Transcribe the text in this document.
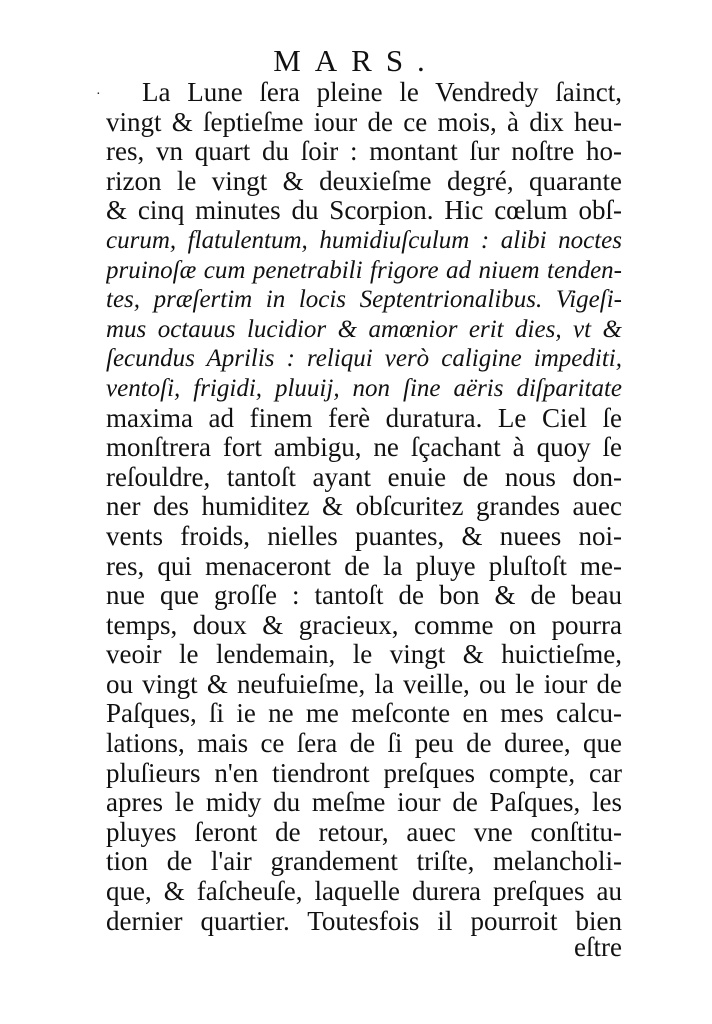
·
MARS.
La Lune ſera pleine le Vendredy ſainct,
vingt & ſeptieſme iour de ce mois, à dix heu-
res, vn quart du ſoir : montant ſur noſtre ho-
rizon le vingt & deuxieſme degré, quarante
& cinq minutes du Scorpion. Hic cœlum obſ-
curum, flatulentum, humidiuſculum : alibi noctes
pruinoſæ cum penetrabili frigore ad niuem tenden-
tes, præſertim in locis Septentrionalibus. Vigeſi-
mus octauus lucidior & amœnior erit dies, vt &
ſecundus Aprilis : reliqui verò caligine impediti,
ventoſi, frigidi, pluuij, non ſine aëris diſparitate
maxima ad finem ferè duratura. Le Ciel ſe
monſtrera fort ambigu, ne ſçachant à quoy ſe
reſouldre, tantoſt ayant enuie de nous don-
ner des humiditez & obſcuritez grandes auec
vents froids, nielles puantes, & nuees noi-
res, qui menaceront de la pluye pluſtoſt me-
nue que groſſe : tantoſt de bon & de beau
temps, doux & gracieux, comme on pourra
veoir le lendemain, le vingt & huictieſme,
ou vingt & neufuieſme, la veille, ou le iour de
Paſques, ſi ie ne me meſconte en mes calcu-
lations, mais ce ſera de ſi peu de duree, que
pluſieurs n'en tiendront preſques compte, car
apres le midy du meſme iour de Paſques, les
pluyes ſeront de retour, auec vne conſtitu-
tion de l'air grandement triſte, melancholi-
que, & faſcheuſe, laquelle durera preſques au
dernier quartier. Toutesfois il pourroit bien
eſtre
